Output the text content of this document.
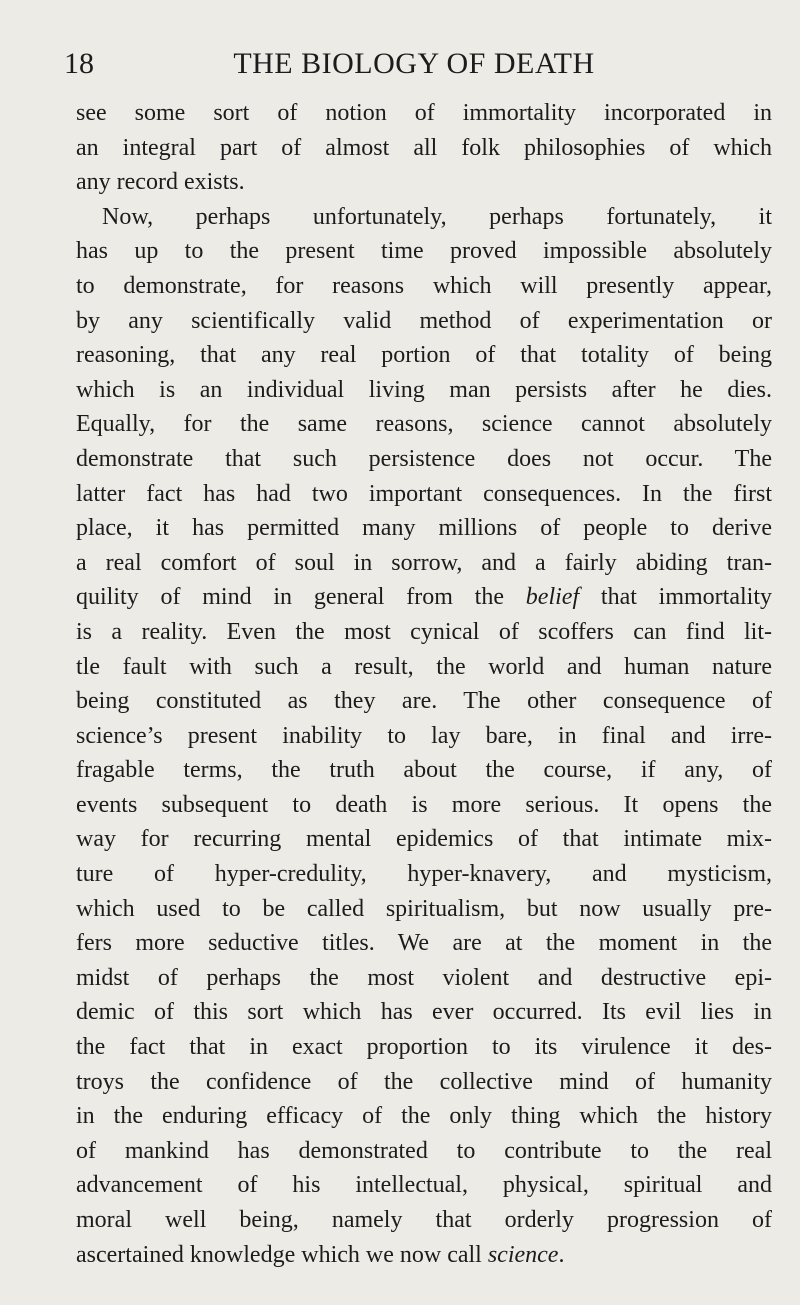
18	THE BIOLOGY OF DEATH
see some sort of notion of immortality incorporated in
an integral part of almost all folk philosophies of which
any record exists.
Now, perhaps unfortunately, perhaps fortunately, it
has up to the present time proved impossible absolutely
to demonstrate, for reasons which will presently appear,
by any scientifically valid method of experimentation or
reasoning, that any real portion of that totality of being
which is an individual living man persists after he dies.
Equally, for the same reasons, science cannot absolutely
demonstrate that such persistence does not occur. The
latter fact has had two important consequences. In the first
place, it has permitted many millions of people to derive
a real comfort of soul in sorrow, and a fairly abiding tran-
quility of mind in general from the belief that immortality
is a reality. Even the most cynical of scoffers can find lit-
tle fault with such a result, the world and human nature
being constituted as they are. The other consequence of
science’s present inability to lay bare, in final and irre-
fragable terms, the truth about the course, if any, of
events subsequent to death is more serious. It opens the
way for recurring mental epidemics of that intimate mix-
ture of hyper-credulity, hyper-knavery, and mysticism,
which used to be called spiritualism, but now usually pre-
fers more seductive titles. We are at the moment in the
midst of perhaps the most violent and destructive epi-
demic of this sort which has ever occurred. Its evil lies in
the fact that in exact proportion to its virulence it des-
troys the confidence of the collective mind of humanity
in the enduring efficacy of the only thing which the history
of mankind has demonstrated to contribute to the real
advancement of his intellectual, physical, spiritual and
moral well being, namely that orderly progression of
ascertained knowledge which we now call science.
